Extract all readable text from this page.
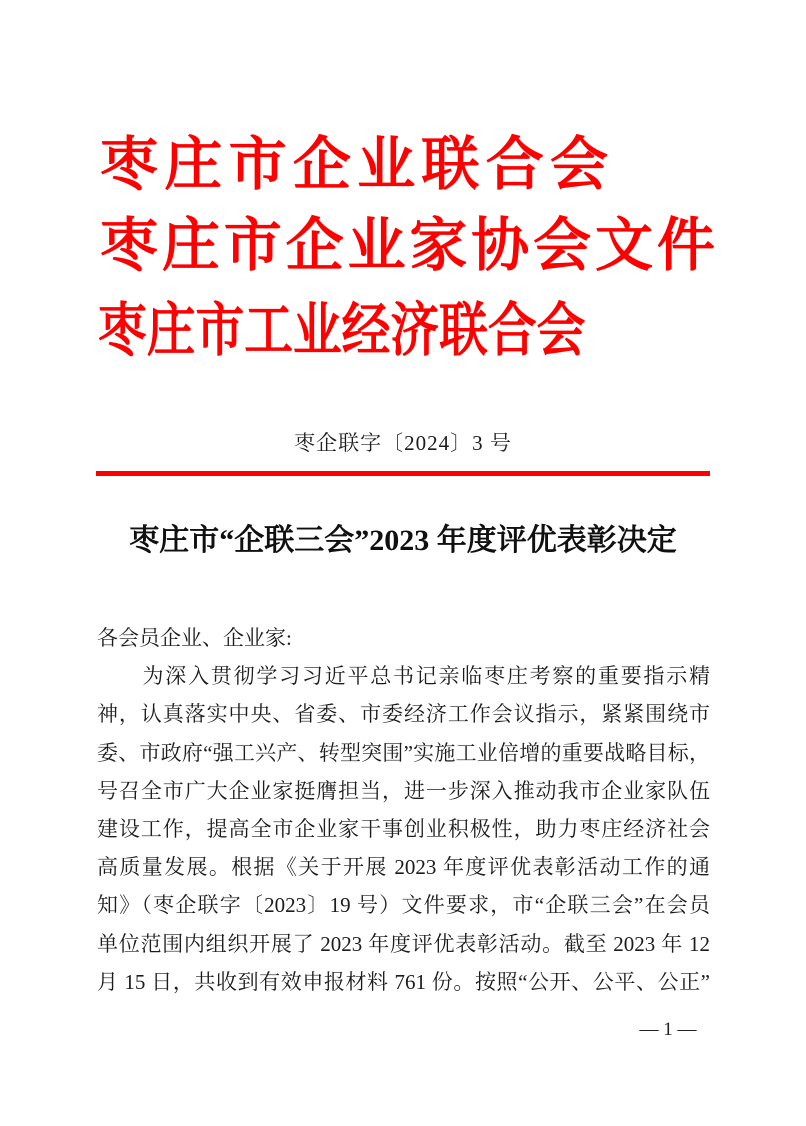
枣 庄 市 企 业 联 合 会
枣 庄 市 企 业 家 协 会 文 件
枣 庄 市 工 业 经 济 联 合 会
枣企联字〔2024〕3 号
枣庄市“企联三会”2023 年度评优表彰决定
各会员企业、企业家:
　　为深入贯彻学习习近平总书记亲临枣庄考察的重要指示精
神，认真落实中央、省委、市委经济工作会议指示，紧紧围绕市
委、市政府“强工兴产、转型突围”实施工业倍增的重要战略目标，
号召全市广大企业家挺膺担当，进一步深入推动我市企业家队伍
建设工作，提高全市企业家干事创业积极性，助力枣庄经济社会
高质量发展。根据《关于开展 2023 年度评优表彰活动工作的通
知》（枣企联字〔2023〕19 号）文件要求，市“企联三会”在会员
单位范围内组织开展了 2023 年度评优表彰活动。截至 2023 年 12
月 15 日，共收到有效申报材料 761 份。按照“公开、公平、公正”
— 1 —
